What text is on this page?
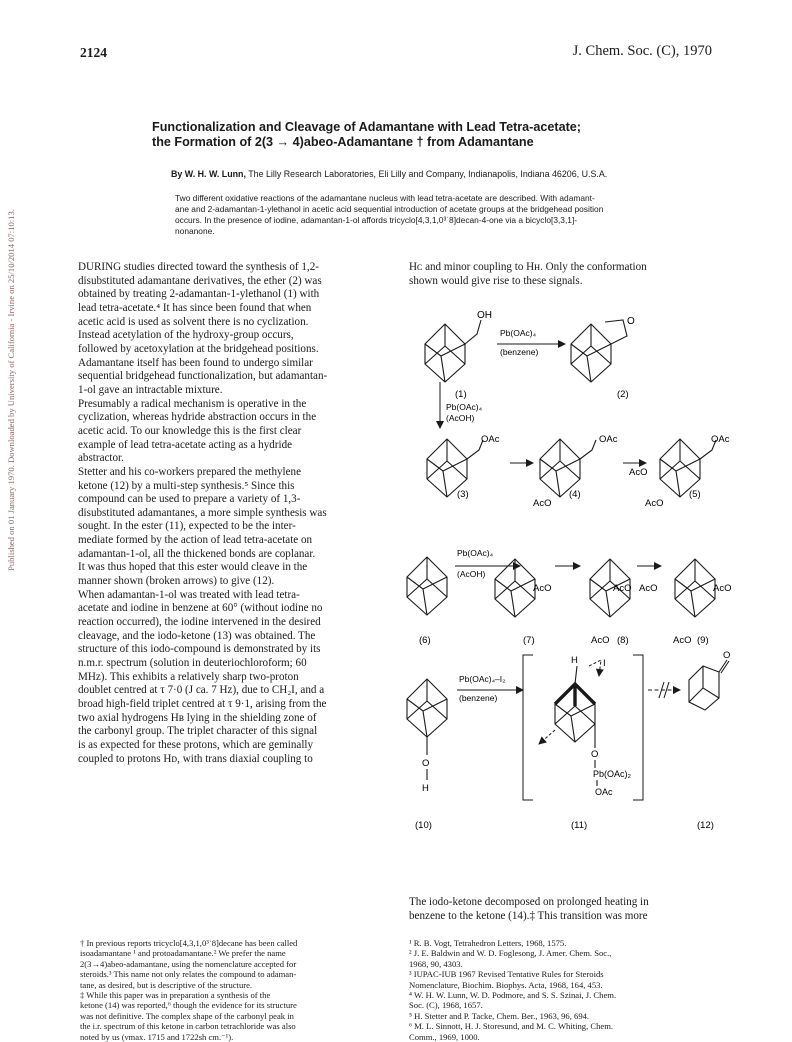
Published on 01 January 1970. Downloaded by University of California - Irvine on 25/10/2014 07:10:13.
2124	J. Chem. Soc. (C), 1970
Functionalization and Cleavage of Adamantane with Lead Tetra-acetate;
the Formation of 2(3 → 4)abeo-Adamantane † from Adamantane
By W. H. W. Lunn, The Lilly Research Laboratories, Eli Lilly and Company, Indianapolis, Indiana 46206, U.S.A.
Two different oxidative reactions of the adamantane nucleus with lead tetra-acetate are described. With adamant-
ane and 2-adamantan-1-ylethanol in acetic acid sequential introduction of acetate groups at the bridgehead position
occurs. In the presence of iodine, adamantan-1-ol affords tricyclo[4,3,1,0³˙8]decan-4-one via a bicyclo[3,3,1]-
nonanone.
DURING studies directed toward the synthesis of 1,2-
disubstituted adamantane derivatives, the ether (2) was
obtained by treating 2-adamantan-1-ylethanol (1) with
lead tetra-acetate.⁴ It has since been found that when
acetic acid is used as solvent there is no cyclization.
Instead acetylation of the hydroxy-group occurs,
followed by acetoxylation at the bridgehead positions.
Adamantane itself has been found to undergo similar
sequential bridgehead functionalization, but adamantan-
1-ol gave an intractable mixture.
Presumably a radical mechanism is operative in the
cyclization, whereas hydride abstraction occurs in the
acetic acid. To our knowledge this is the first clear
example of lead tetra-acetate acting as a hydride
abstractor.
Stetter and his co-workers prepared the methylene
ketone (12) by a multi-step synthesis.⁵ Since this
compound can be used to prepare a variety of 1,3-
disubstituted adamantanes, a more simple synthesis was
sought. In the ester (11), expected to be the inter-
mediate formed by the action of lead tetra-acetate on
adamantan-1-ol, all the thickened bonds are coplanar.
It was thus hoped that this ester would cleave in the
manner shown (broken arrows) to give (12).
When adamantan-1-ol was treated with lead tetra-
acetate and iodine in benzene at 60° (without iodine no
reaction occurred), the iodine intervened in the desired
cleavage, and the iodo-ketone (13) was obtained. The
structure of this iodo-compound is demonstrated by its
n.m.r. spectrum (solution in deuteriochloroform; 60
MHz). This exhibits a relatively sharp two-proton
doublet centred at τ 7·0 (J ca. 7 Hz), due to CH₂I, and a
broad high-field triplet centred at τ 9·1, arising from the
two axial hydrogens Hʙ lying in the shielding zone of
the carbonyl group. The triplet character of this signal
is as expected for these protons, which are geminally
coupled to protons Hᴅ, with trans diaxial coupling to
Hᴄ and minor coupling to Hʜ. Only the conformation
shown would give rise to these signals.
OH
Pb(OAc)₄
(benzene)
O
(1)	(2)
Pb(OAc)₄
(AcOH)
OAc
(3)
OAc
AcO
(4)
OAc
AcO
AcO
(5)
(6)
Pb(OAc)₄
(AcOH)
AcO
(7)
AcO
AcO (8)
AcO	AcO
AcO (9)
O
H
(10)
Pb(OAc)₄–I₂
(benzene)
H	I
O
Pb(OAc)₂
OAc
(11)
O
(12)
The iodo-ketone decomposed on prolonged heating in
benzene to the ketone (14).‡ This transition was more
† In previous reports tricyclo[4,3,1,0³˙8]decane has been called
isoadamantane ¹ and protoadamantane.² We prefer the name
2(3→4)abeo-adamantane, using the nomenclature accepted for
steroids.³ This name not only relates the compound to adaman-
tane, as desired, but is descriptive of the structure.
‡ While this paper was in preparation a synthesis of the
ketone (14) was reported,⁶ though the evidence for its structure
was not definitive. The complex shape of the carbonyl peak in
the i.r. spectrum of this ketone in carbon tetrachloride was also
noted by us (νmax. 1715 and 1722sh cm.⁻¹).
¹ R. B. Vogt, Tetrahedron Letters, 1968, 1575.
² J. E. Baldwin and W. D. Foglesong, J. Amer. Chem. Soc.,
1968, 90, 4303.
³ IUPAC-IUB 1967 Revised Tentative Rules for Steroids
Nomenclature, Biochim. Biophys. Acta, 1968, 164, 453.
⁴ W. H. W. Lunn, W. D. Podmore, and S. S. Szinai, J. Chem.
Soc. (C), 1968, 1657.
⁵ H. Stetter and P. Tacke, Chem. Ber., 1963, 96, 694.
⁶ M. L. Sinnott, H. J. Storesund, and M. C. Whiting, Chem.
Comm., 1969, 1000.
